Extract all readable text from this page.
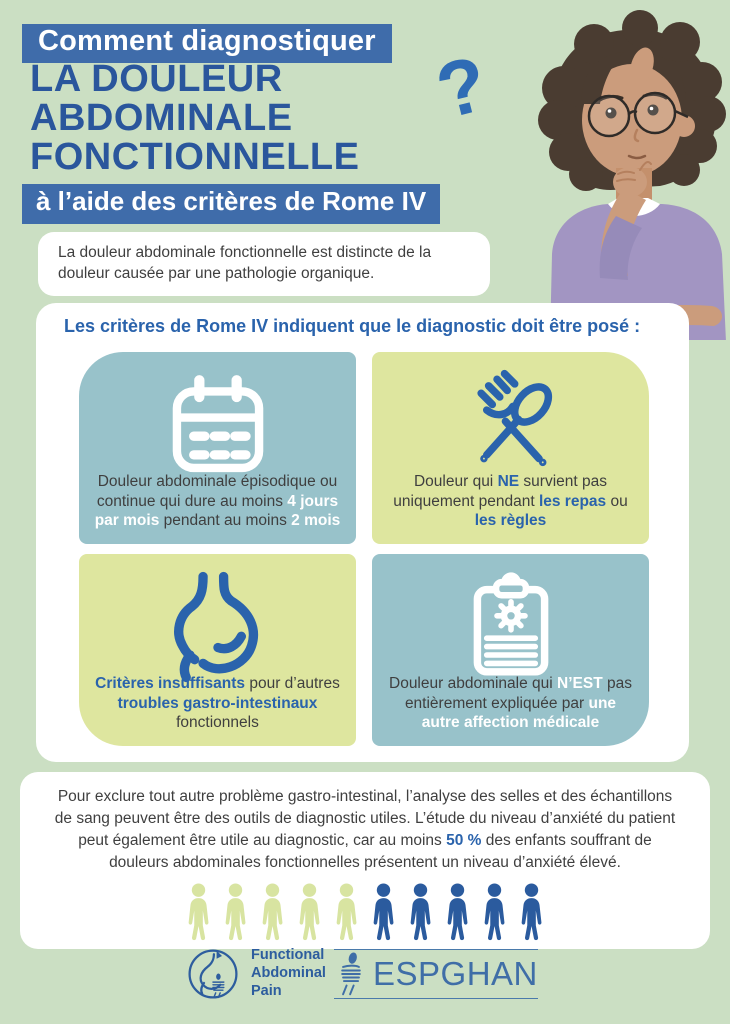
?
Comment diagnostiquer
LA DOULEUR
ABDOMINALE
FONCTIONNELLE
à l’aide des critères de Rome IV

La douleur abdominale fonctionnelle est distincte de la douleur causée par une pathologie organique.

Les critères de Rome IV indiquent que le diagnostic doit être posé :

Douleur abdominale épisodique ou continue qui dure au moins 4 jours par mois pendant au moins 2 mois

Douleur qui NE survient pas uniquement pendant les repas ou les règles

Critères insuffisants pour d’autres troubles gastro-intestinaux fonctionnels

Douleur abdominale qui N’EST pas entièrement expliquée par une autre affection médicale

Pour exclure tout autre problème gastro-intestinal, l’analyse des selles et des échantillons de sang peuvent être des outils de diagnostic utiles. L’étude du niveau d’anxiété du patient peut également être utile au diagnostic, car au moins 50 % des enfants souffrant de douleurs abdominales fonctionnelles présentent un niveau d’anxiété élevé.

Functional
Abdominal
Pain	ESPGHAN
